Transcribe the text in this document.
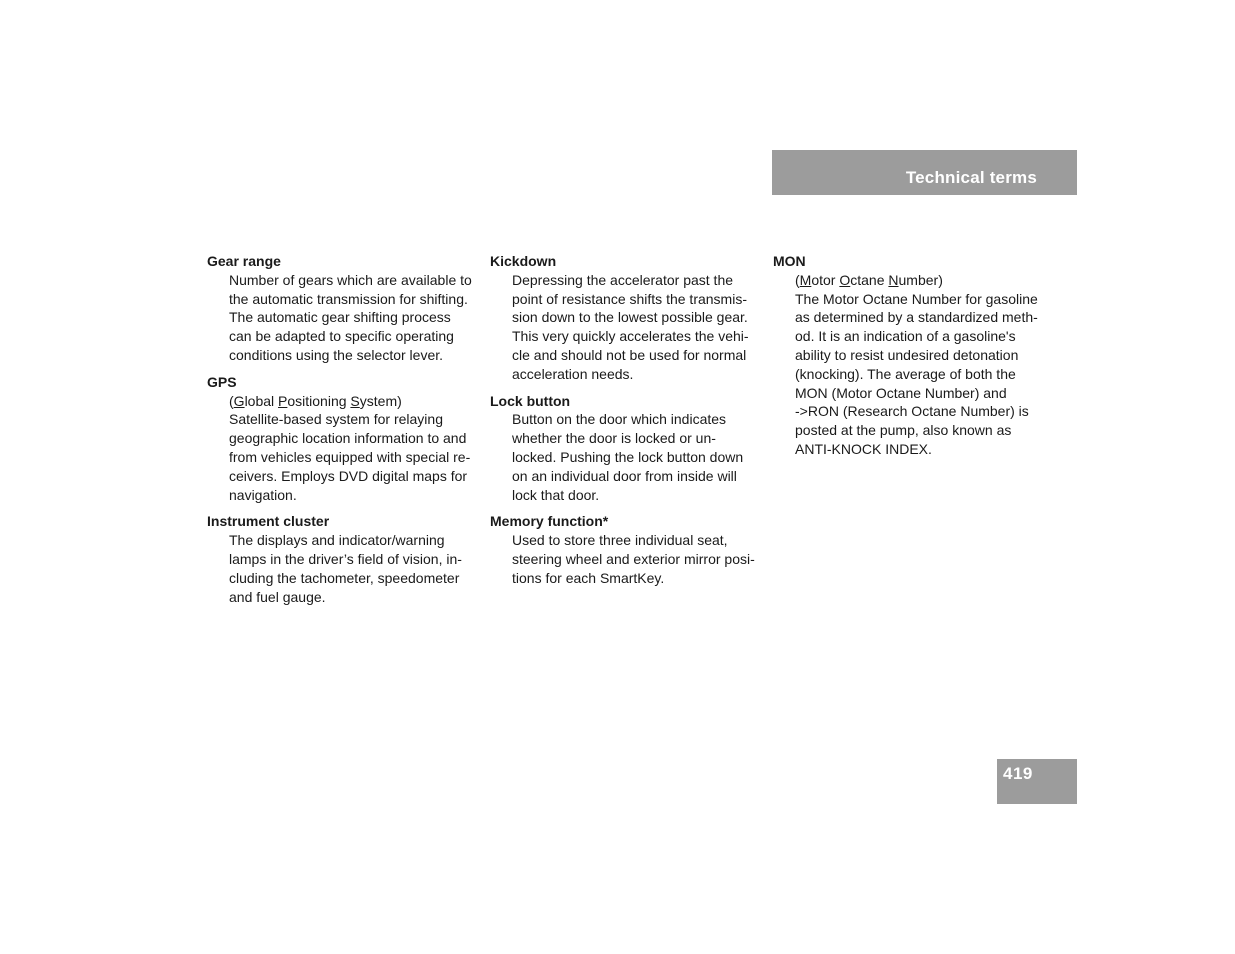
Technical terms

Gear range

Number of gears which are available to
the automatic transmission for shifting.
The automatic gear shifting process
can be adapted to specific operating
conditions using the selector lever.

GPS

(Global Positioning System)
Satellite-based system for relaying
geographic location information to and
from vehicles equipped with special re-
ceivers. Employs DVD digital maps for
navigation.

Instrument cluster

The displays and indicator/warning
lamps in the driver’s field of vision, in-
cluding the tachometer, speedometer
and fuel gauge.

Kickdown

Depressing the accelerator past the
point of resistance shifts the transmis-
sion down to the lowest possible gear.
This very quickly accelerates the vehi-
cle and should not be used for normal
acceleration needs.

Lock button

Button on the door which indicates
whether the door is locked or un-
locked. Pushing the lock button down
on an individual door from inside will
lock that door.

Memory function*

Used to store three individual seat,
steering wheel and exterior mirror posi-
tions for each SmartKey.

MON

(Motor Octane Number)
The Motor Octane Number for gasoline
as determined by a standardized meth-
od. It is an indication of a gasoline's
ability to resist undesired detonation
(knocking). The average of both the
MON (Motor Octane Number) and
->RON (Research Octane Number) is
posted at the pump, also known as
ANTI-KNOCK INDEX.
419
